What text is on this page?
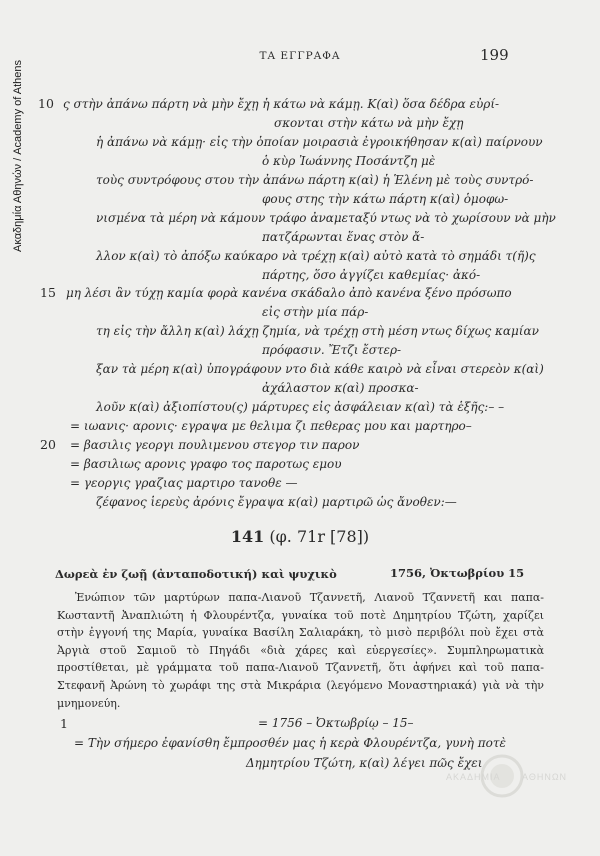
Ακαδημία Αθηνών / Academy of Athens
ΤΑ ΕΓΓΡΑΦΑ	199
10 ς στὴν ἀπάνω πάρτη νὰ μὴν ἔχῃ ἡ κάτω νὰ κάμῃ. Κ(αὶ) ὅσα δέδρα εὐρί-
σκονται στὴν κάτω νὰ μὴν ἔχῃ
ἡ ἀπάνω νὰ κάμῃ· εἰς τὴν ὁποίαν μοιρασιὰ ἐγροικήθησαν κ(αὶ) παίρνουν
ὁ κὺρ Ἰωάννης Ποσάντζη μὲ
τοὺς συντρόφους στου τὴν ἀπάνω πάρτη κ(αὶ) ἡ Ἑλένη μὲ τοὺς συντρό-
φους στης τὴν κάτω πάρτη κ(αὶ) ὁμοφω-
νισμένα τὰ μέρη νὰ κάμουν τράφο ἀναμεταξύ ντως νὰ τὸ χωρίσουν νὰ μὴν
πατζάρωνται ἕνας στὸν ἄ-
λλον κ(αὶ) τὸ ἀπόξω καύκαρο νὰ τρέχῃ κ(αὶ) αὐτὸ κατὰ τὸ σημάδι τ(ῆ)ς
πάρτης, ὅσο ἀγγίζει καθεμίας· ἀκό-
15 μη λέσι ἂν τύχῃ καμία φορὰ κανένα σκάδαλο ἀπὸ κανένα ξένο πρόσωπο
εἰς στὴν μία πάρ-
τη εἰς τὴν ἄλλη κ(αὶ) λάχῃ ζημία, νὰ τρέχῃ στὴ μέση ντως δίχως καμίαν
πρόφασιν. Ἔτζι ἔστερ-
ξαν τὰ μέρη κ(αὶ) ὑπογράφουν ντο διὰ κάθε καιρὸ νὰ εἶναι στερεὸν κ(αὶ)
ἀχάλαστον κ(αὶ) προσκα-
λοῦν κ(αὶ) ἀξιοπίστου(ς) μάρτυρες εἰς ἀσφάλειαν κ(αὶ) τὰ ἑξῆς:– –
= ιωανις· αρονις· εγραψα με θελιμα ζι πεθερας μου και μαρτηρο–
20 = βασιλις γεοργι πουλιμενου στεγορ τιν παρον
= βασιλιως αρονις γραφο τος παροτως εμου
= γεοργις γραζιας μαρτιρο τανοθε —
ζέφανος ἱερεὺς ἀρόνις ἔγραψα κ(αὶ) μαρτιρῶ ὡς ἄνοθεν:—
141 (φ. 71r [78])
Δωρεὰ ἐν ζωῇ (ἀνταποδοτική) καὶ ψυχικὸ	1756, Ὀκτωβρίου 15
Ἐνώπιον τῶν μαρτύρων παπα-Λιανοῦ Τζαννετῆ, Λιανοῦ Τζαννετῆ και παπα-Κωσταντῆ Ἀναπλιώτη ἡ Φλουρέντζα, γυναίκα τοῦ ποτὲ Δημητρίου Τζώτη, χαρίζει στὴν ἐγγονή της Μαρία, γυναίκα Βασίλη Σαλιαράκη, τὸ μισὸ περιβόλι ποὺ ἔχει στὰ Ἀργιὰ στοῦ Σαμιοῦ τὸ Πηγάδι «διὰ χάρες καὶ εὐεργεσίες». Συμπληρωματικὰ προστίθεται, μὲ γράμματα τοῦ παπα-Λιανοῦ Τζαννετῆ, ὅτι ἀφήνει καὶ τοῦ παπα-Στεφανῆ Ἀρώνη τὸ χωράφι της στὰ Μικράρια (λεγόμενο Μοναστηριακά) γιὰ νὰ τὴν μνημονεύη.
1	= 1756 – Ὀκτωβρίῳ – 15–
= Τὴν σήμερο ἐφανίσθη ἔμπροσθέν μας ἡ κερὰ Φλουρέντζα, γυνὴ ποτὲ
Δημητρίου Τζώτη, κ(αὶ) λέγει πῶς ἔχει
ΑΚΑΔΗΜΙΑ ΑΘΗΝΩΝ
